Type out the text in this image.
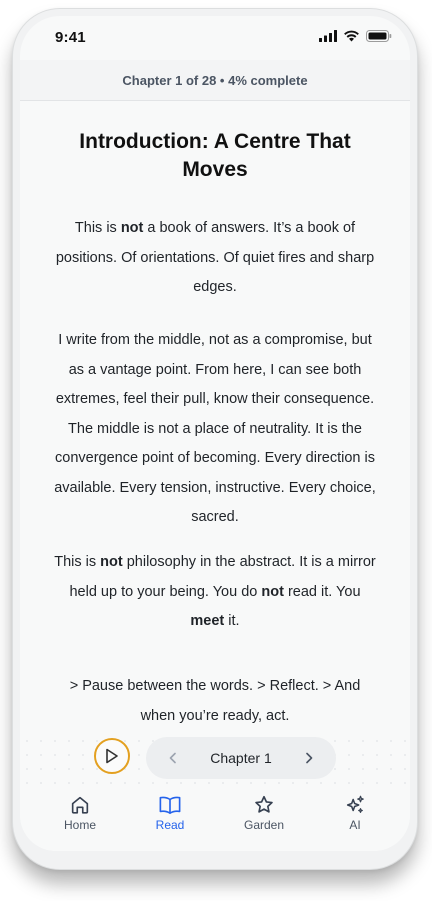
9:41
Chapter 1 of 28 • 4% complete
Introduction: A Centre That Moves
This is not a book of answers. It’s a book of positions. Of orientations. Of quiet fires and sharp edges.
I write from the middle, not as a compromise, but as a vantage point. From here, I can see both extremes, feel their pull, know their consequence. The middle is not a place of neutrality. It is the convergence point of becoming. Every direction is available. Every tension, instructive. Every choice, sacred.
This is not philosophy in the abstract. It is a mirror held up to your being. You do not read it. You meet it.
> Pause between the words. > Reflect. > And when you’re ready, act.
Chapter 1
Home	Read	Garden	AI
